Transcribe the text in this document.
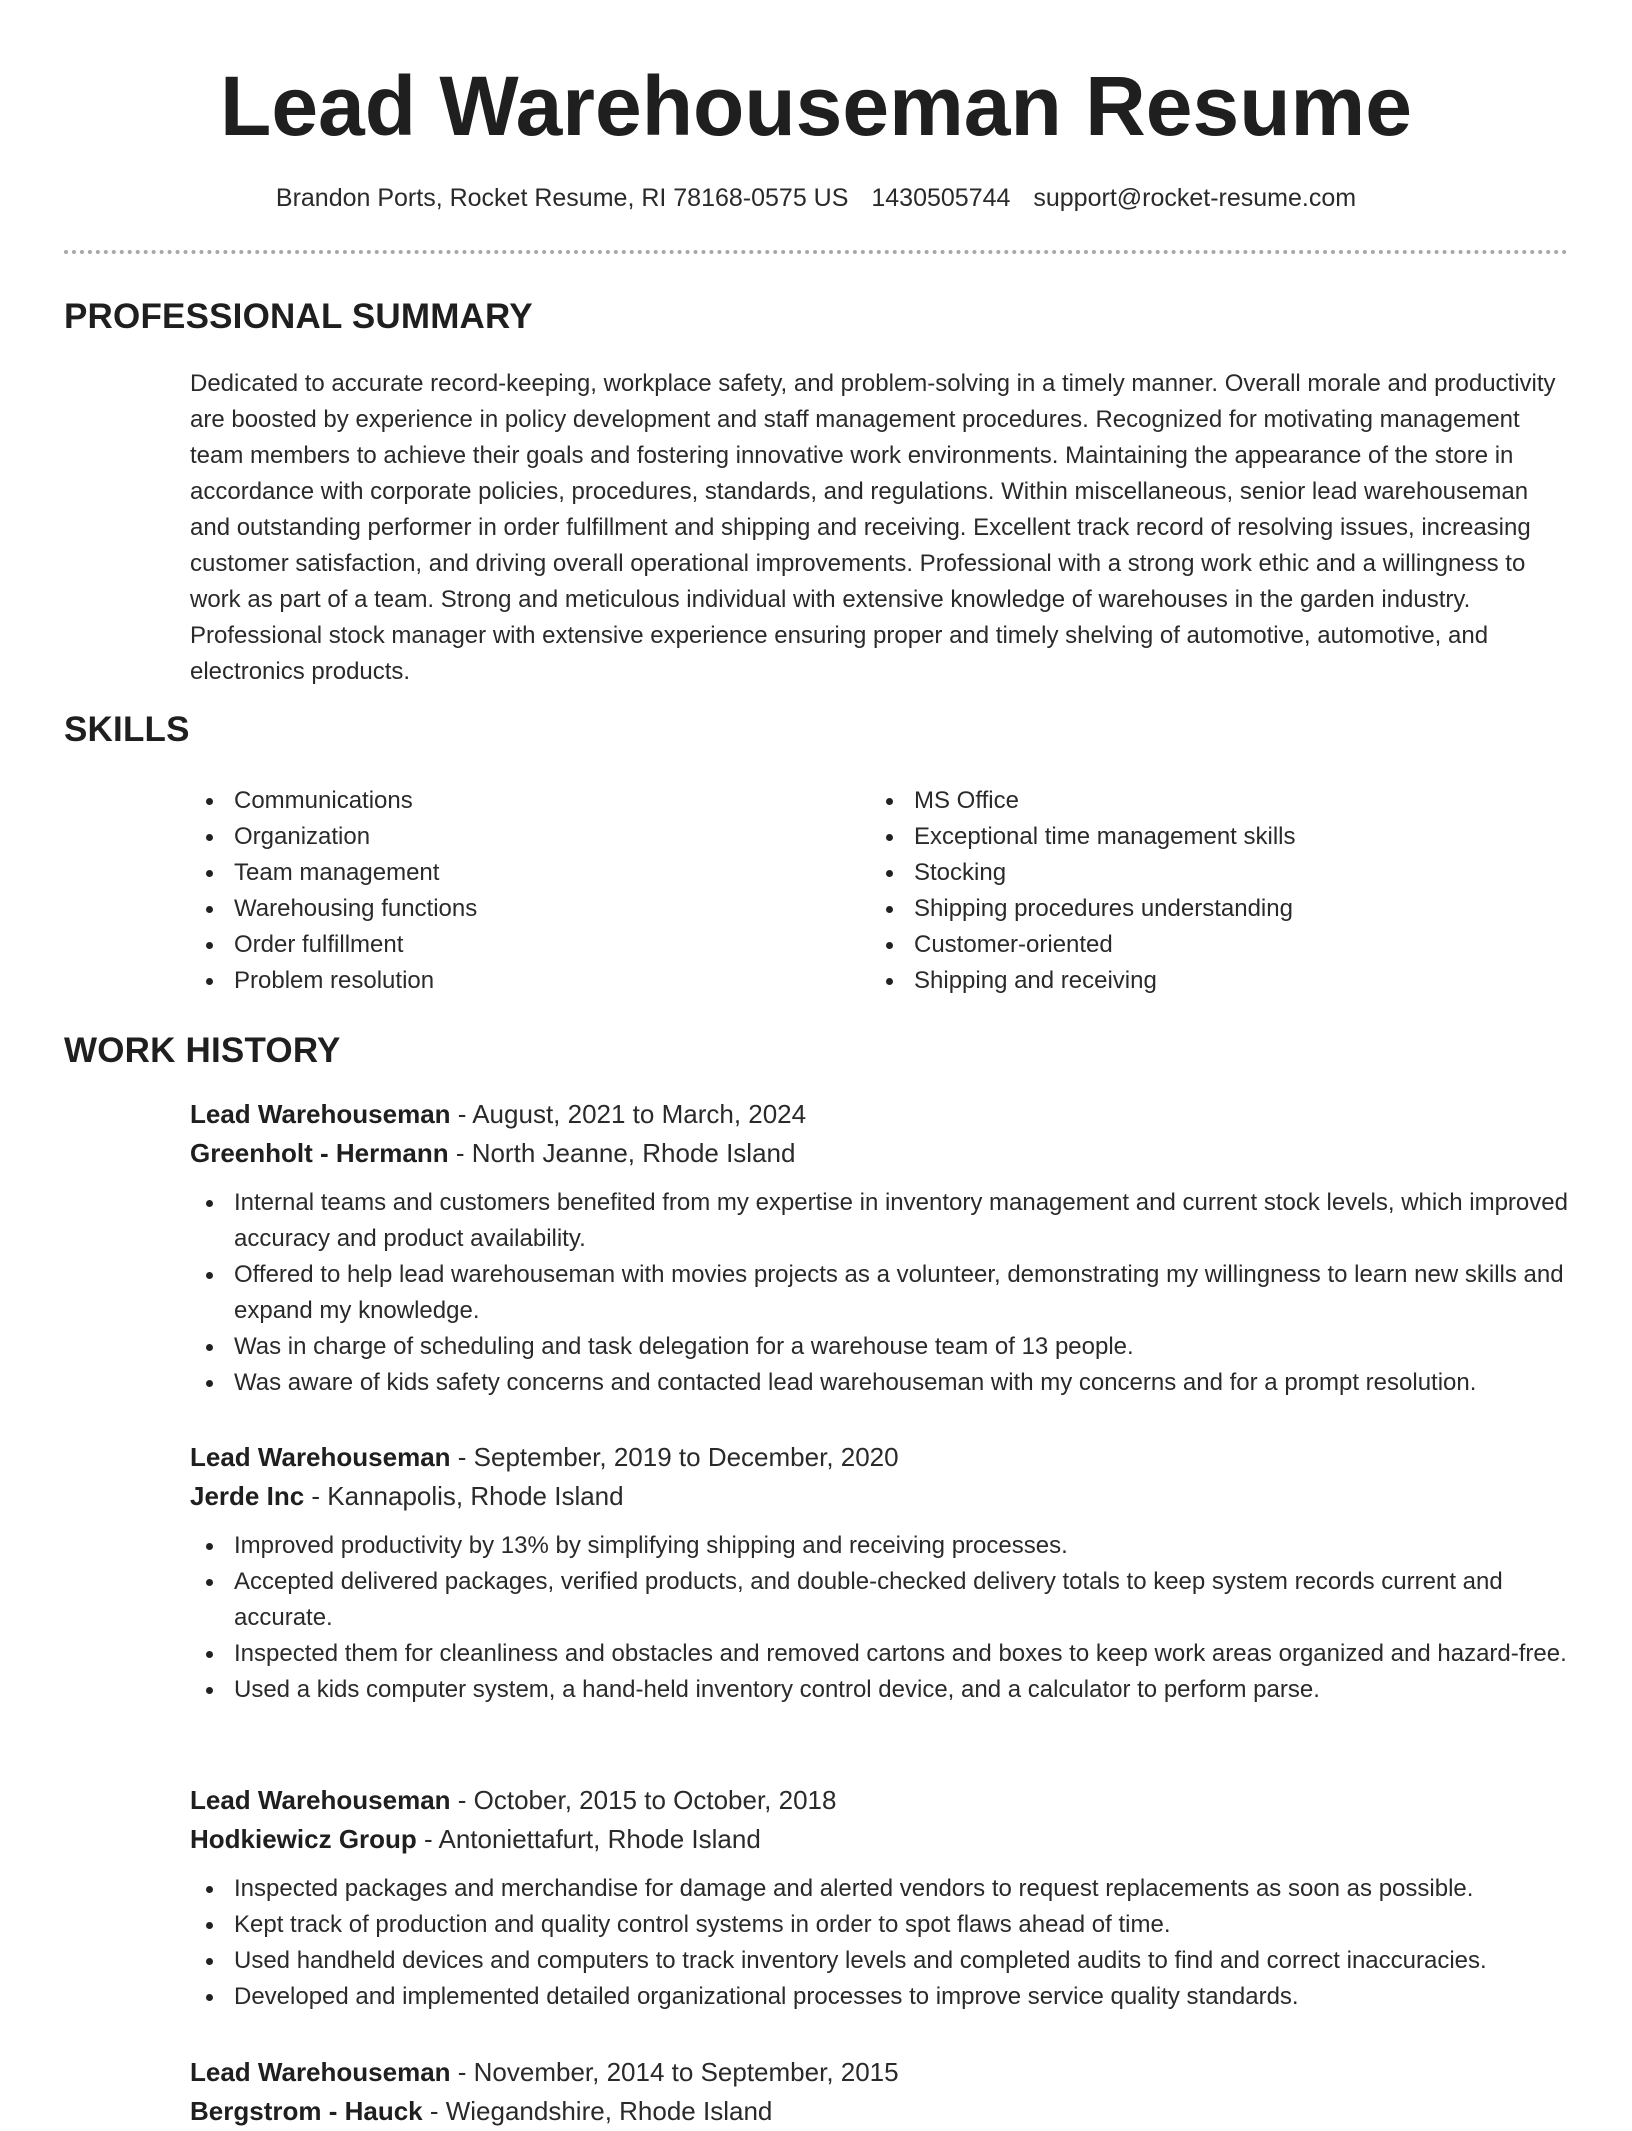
Lead Warehouseman Resume
Brandon Ports, Rocket Resume, RI 78168-0575 US 1430505744 support@rocket-resume.com
PROFESSIONAL SUMMARY

Dedicated to accurate record-keeping, workplace safety, and problem-solving in a timely manner. Overall morale and productivity are boosted by experience in policy development and staff management procedures. Recognized for motivating management team members to achieve their goals and fostering innovative work environments. Maintaining the appearance of the store in accordance with corporate policies, procedures, standards, and regulations. Within miscellaneous, senior lead warehouseman and outstanding performer in order fulfillment and shipping and receiving. Excellent track record of resolving issues, increasing customer satisfaction, and driving overall operational improvements. Professional with a strong work ethic and a willingness to work as part of a team. Strong and meticulous individual with extensive knowledge of warehouses in the garden industry. Professional stock manager with extensive experience ensuring proper and timely shelving of automotive, automotive, and electronics products.

SKILLS
Communications
Organization
Team management
Warehousing functions
Order fulfillment
Problem resolution
MS Office
Exceptional time management skills
Stocking
Shipping procedures understanding
Customer-oriented
Shipping and receiving
WORK HISTORY
Lead Warehouseman - August, 2021 to March, 2024
Greenholt - Hermann - North Jeanne, Rhode Island
Internal teams and customers benefited from my expertise in inventory management and current stock levels, which improved accuracy and product availability.
Offered to help lead warehouseman with movies projects as a volunteer, demonstrating my willingness to learn new skills and expand my knowledge.
Was in charge of scheduling and task delegation for a warehouse team of 13 people.
Was aware of kids safety concerns and contacted lead warehouseman with my concerns and for a prompt resolution.
Lead Warehouseman - September, 2019 to December, 2020
Jerde Inc - Kannapolis, Rhode Island
Improved productivity by 13% by simplifying shipping and receiving processes.
Accepted delivered packages, verified products, and double-checked delivery totals to keep system records current and accurate.
Inspected them for cleanliness and obstacles and removed cartons and boxes to keep work areas organized and hazard-free.
Used a kids computer system, a hand-held inventory control device, and a calculator to perform parse.
Lead Warehouseman - October, 2015 to October, 2018
Hodkiewicz Group - Antoniettafurt, Rhode Island
Inspected packages and merchandise for damage and alerted vendors to request replacements as soon as possible.
Kept track of production and quality control systems in order to spot flaws ahead of time.
Used handheld devices and computers to track inventory levels and completed audits to find and correct inaccuracies.
Developed and implemented detailed organizational processes to improve service quality standards.
Lead Warehouseman - November, 2014 to September, 2015
Bergstrom - Hauck - Wiegandshire, Rhode Island
